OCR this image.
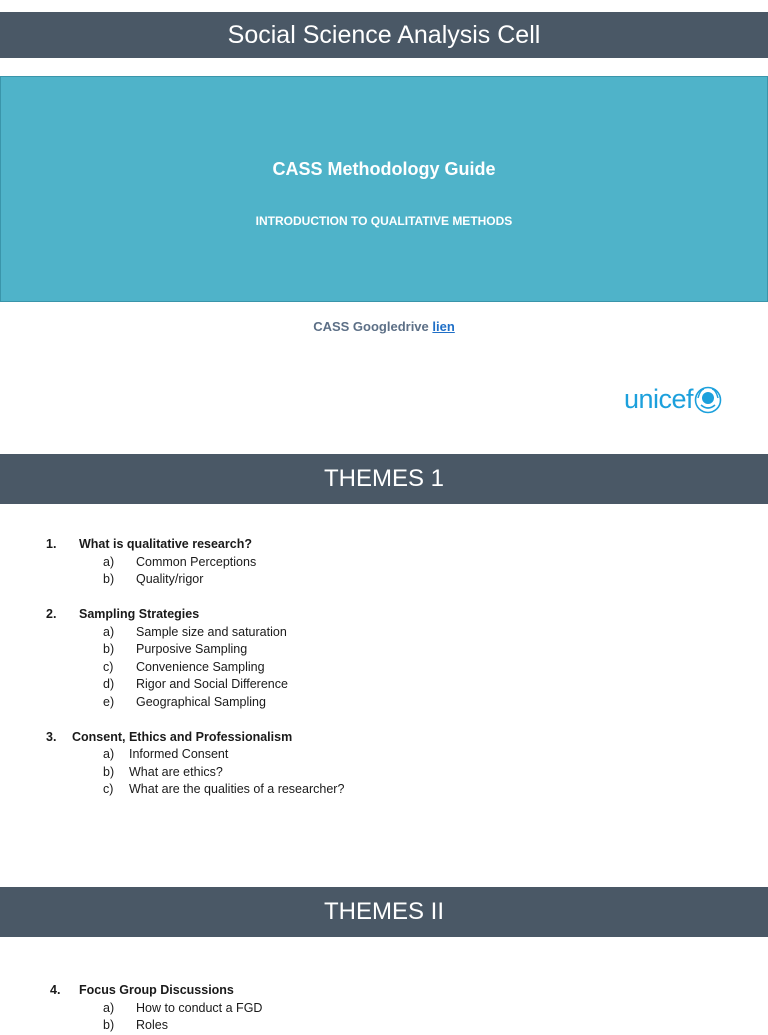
Social Science Analysis Cell
CASS Methodology Guide
INTRODUCTION TO QUALITATIVE METHODS
CASS Googledrive lien
unicef
THEMES 1
1.	What is qualitative research?
a)	Common Perceptions
b)	Quality/rigor
2.	Sampling Strategies
a)	Sample size and saturation
b)	Purposive Sampling
c)	Convenience Sampling
d)	Rigor and Social Difference
e)	Geographical Sampling
3.	Consent, Ethics and Professionalism
a)	Informed Consent
b)	What are ethics?
c)	What are the qualities of a researcher?
THEMES II
4.	Focus Group Discussions
a)	How to conduct a FGD
b)	Roles
